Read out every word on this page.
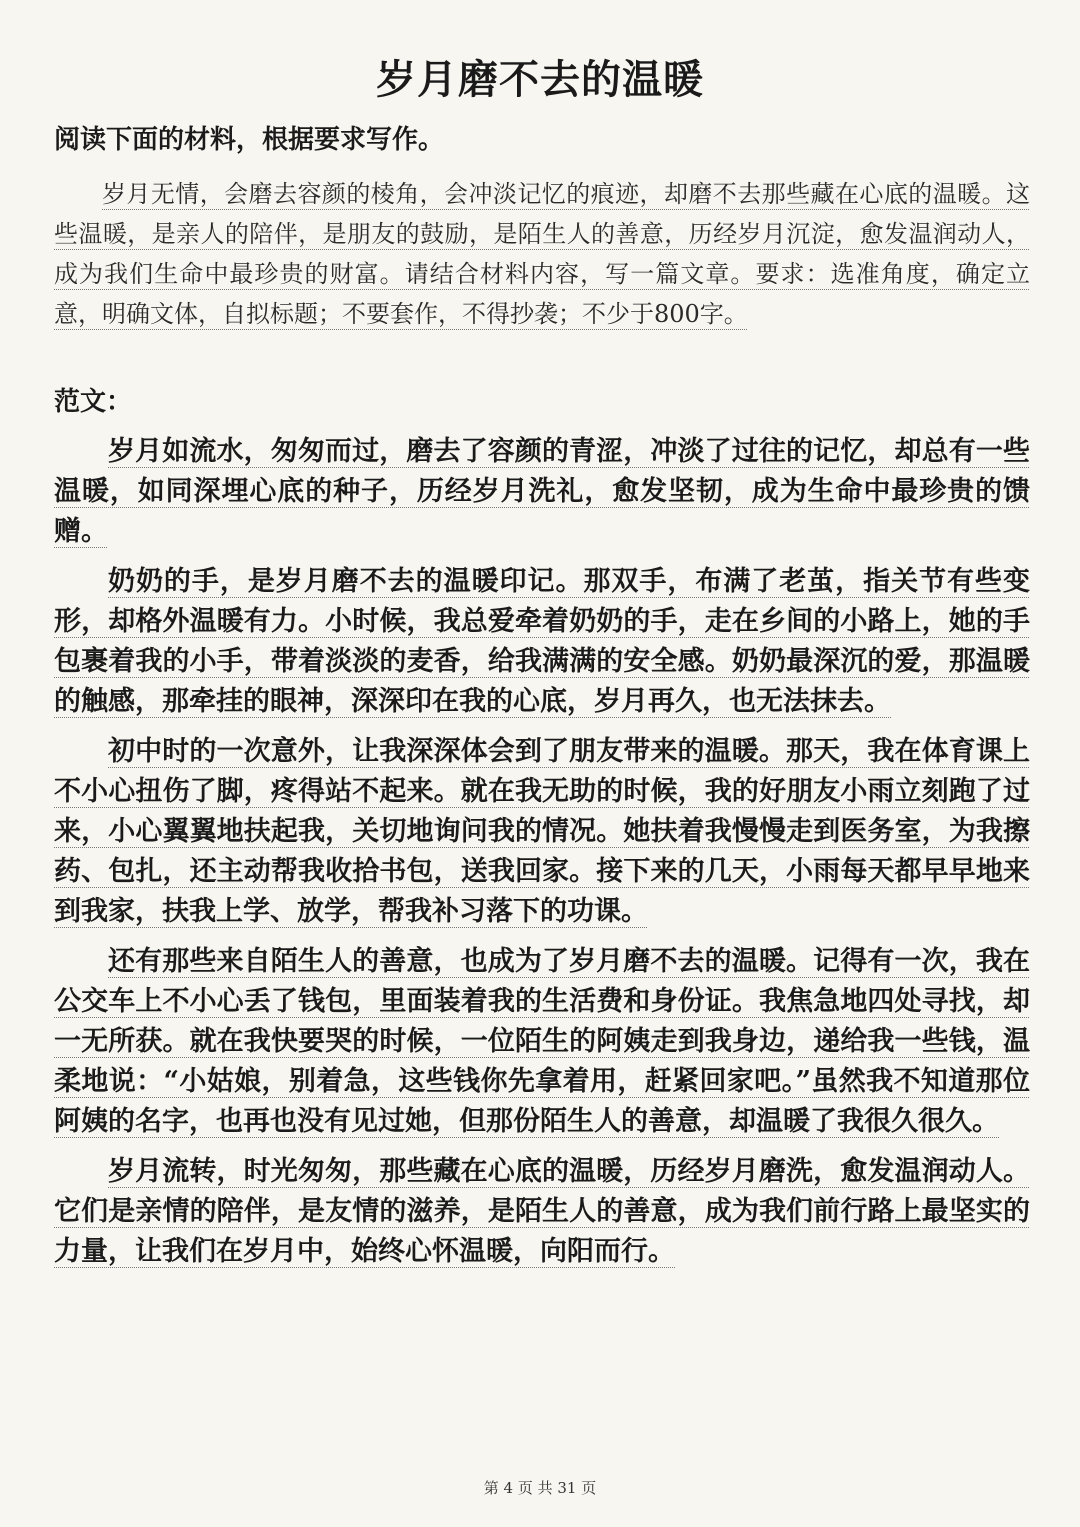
岁月磨不去的温暖
阅读下面的材料，根据要求写作。

岁月无情，会磨去容颜的棱角，会冲淡记忆的痕迹，却磨不去那些藏在心底的温暖。这些温暖，是亲人的陪伴，是朋友的鼓励，是陌生人的善意，历经岁月沉淀，愈发温润动人，成为我们生命中最珍贵的财富。请结合材料内容，写一篇文章。要求：选准角度，确定立意，明确文体，自拟标题；不要套作，不得抄袭；不少于800字。

范文：

岁月如流水，匆匆而过，磨去了容颜的青涩，冲淡了过往的记忆，却总有一些温暖，如同深埋心底的种子，历经岁月洗礼，愈发坚韧，成为生命中最珍贵的馈赠。

奶奶的手，是岁月磨不去的温暖印记。那双手，布满了老茧，指关节有些变形，却格外温暖有力。小时候，我总爱牵着奶奶的手，走在乡间的小路上，她的手包裹着我的小手，带着淡淡的麦香，给我满满的安全感。奶奶最深沉的爱，那温暖的触感，那牵挂的眼神，深深印在我的心底，岁月再久，也无法抹去。

初中时的一次意外，让我深深体会到了朋友带来的温暖。那天，我在体育课上不小心扭伤了脚，疼得站不起来。就在我无助的时候，我的好朋友小雨立刻跑了过来，小心翼翼地扶起我，关切地询问我的情况。她扶着我慢慢走到医务室，为我擦药、包扎，还主动帮我收拾书包，送我回家。接下来的几天，小雨每天都早早地来到我家，扶我上学、放学，帮我补习落下的功课。

还有那些来自陌生人的善意，也成为了岁月磨不去的温暖。记得有一次，我在公交车上不小心丢了钱包，里面装着我的生活费和身份证。我焦急地四处寻找，却一无所获。就在我快要哭的时候，一位陌生的阿姨走到我身边，递给我一些钱，温柔地说：“小姑娘，别着急，这些钱你先拿着用，赶紧回家吧。”虽然我不知道那位阿姨的名字，也再也没有见过她，但那份陌生人的善意，却温暖了我很久很久。

岁月流转，时光匆匆，那些藏在心底的温暖，历经岁月磨洗，愈发温润动人。它们是亲情的陪伴，是友情的滋养，是陌生人的善意，成为我们前行路上最坚实的力量，让我们在岁月中，始终心怀温暖，向阳而行。

第 4 页 共 31 页
